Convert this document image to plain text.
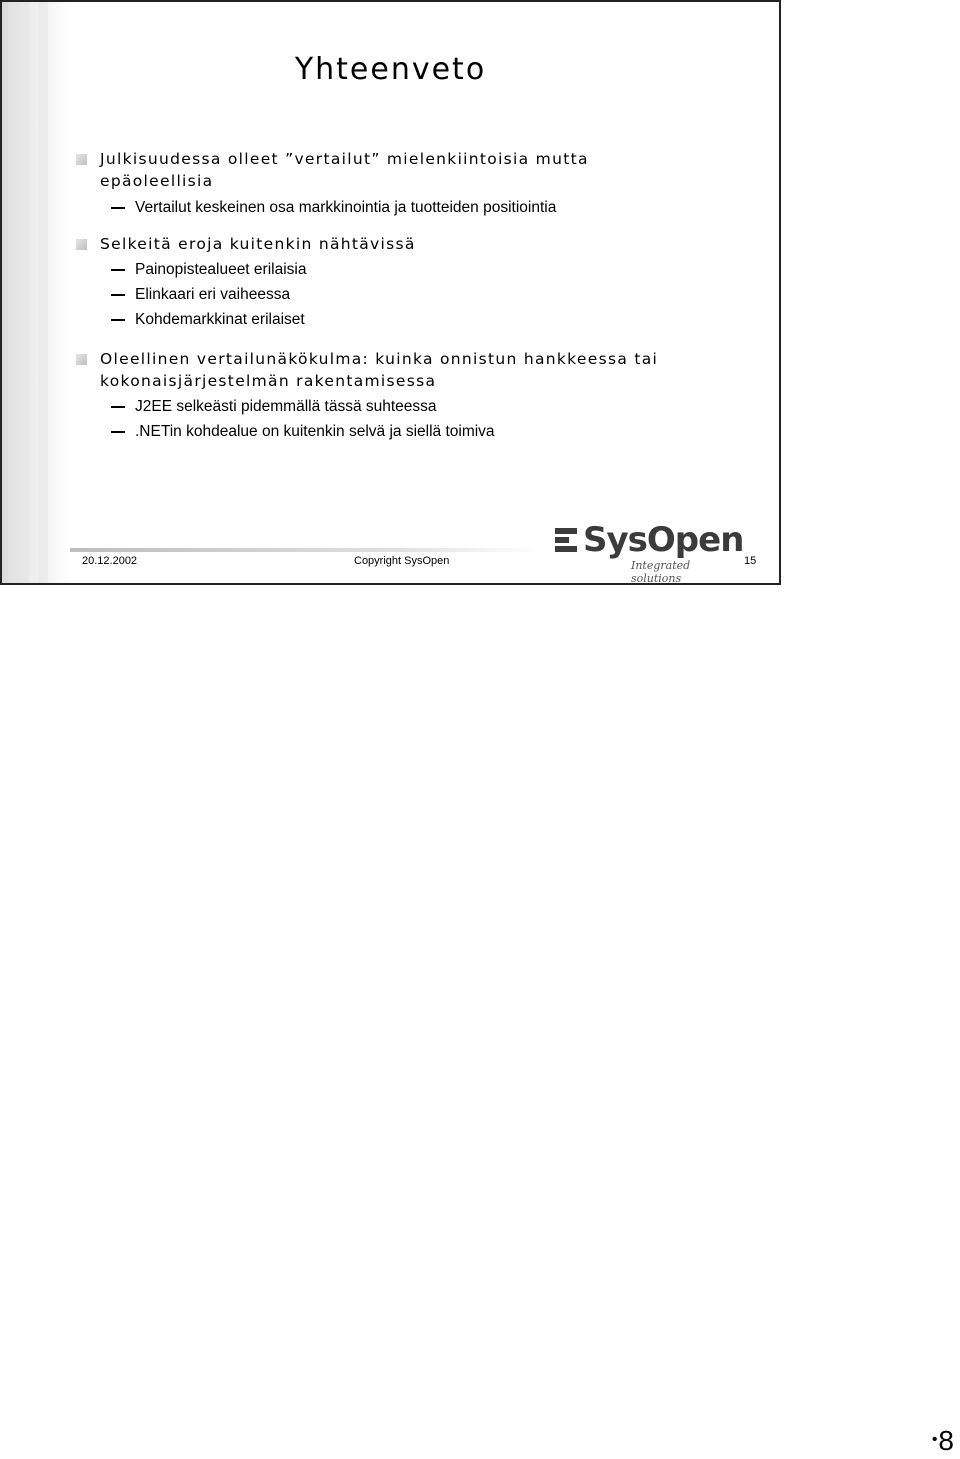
Yhteenveto
Julkisuudessa olleet ”vertailut” mielenkiintoisia mutta
epäoleellisia
Vertailut keskeinen osa markkinointia ja tuotteiden positiointia
Selkeitä eroja kuitenkin nähtävissä
Painopistealueet erilaisia
Elinkaari eri vaiheessa
Kohdemarkkinat erilaiset
Oleellinen vertailunäkökulma: kuinka onnistun hankkeessa tai
kokonaisjärjestelmän rakentamisessa
J2EE selkeästi pidemmällä tässä suhteessa
.NETin kohdealue on kuitenkin selvä ja siellä toimiva
SysOpen
Integrated solutions
20.12.2002	Copyright SysOpen	15
•8
